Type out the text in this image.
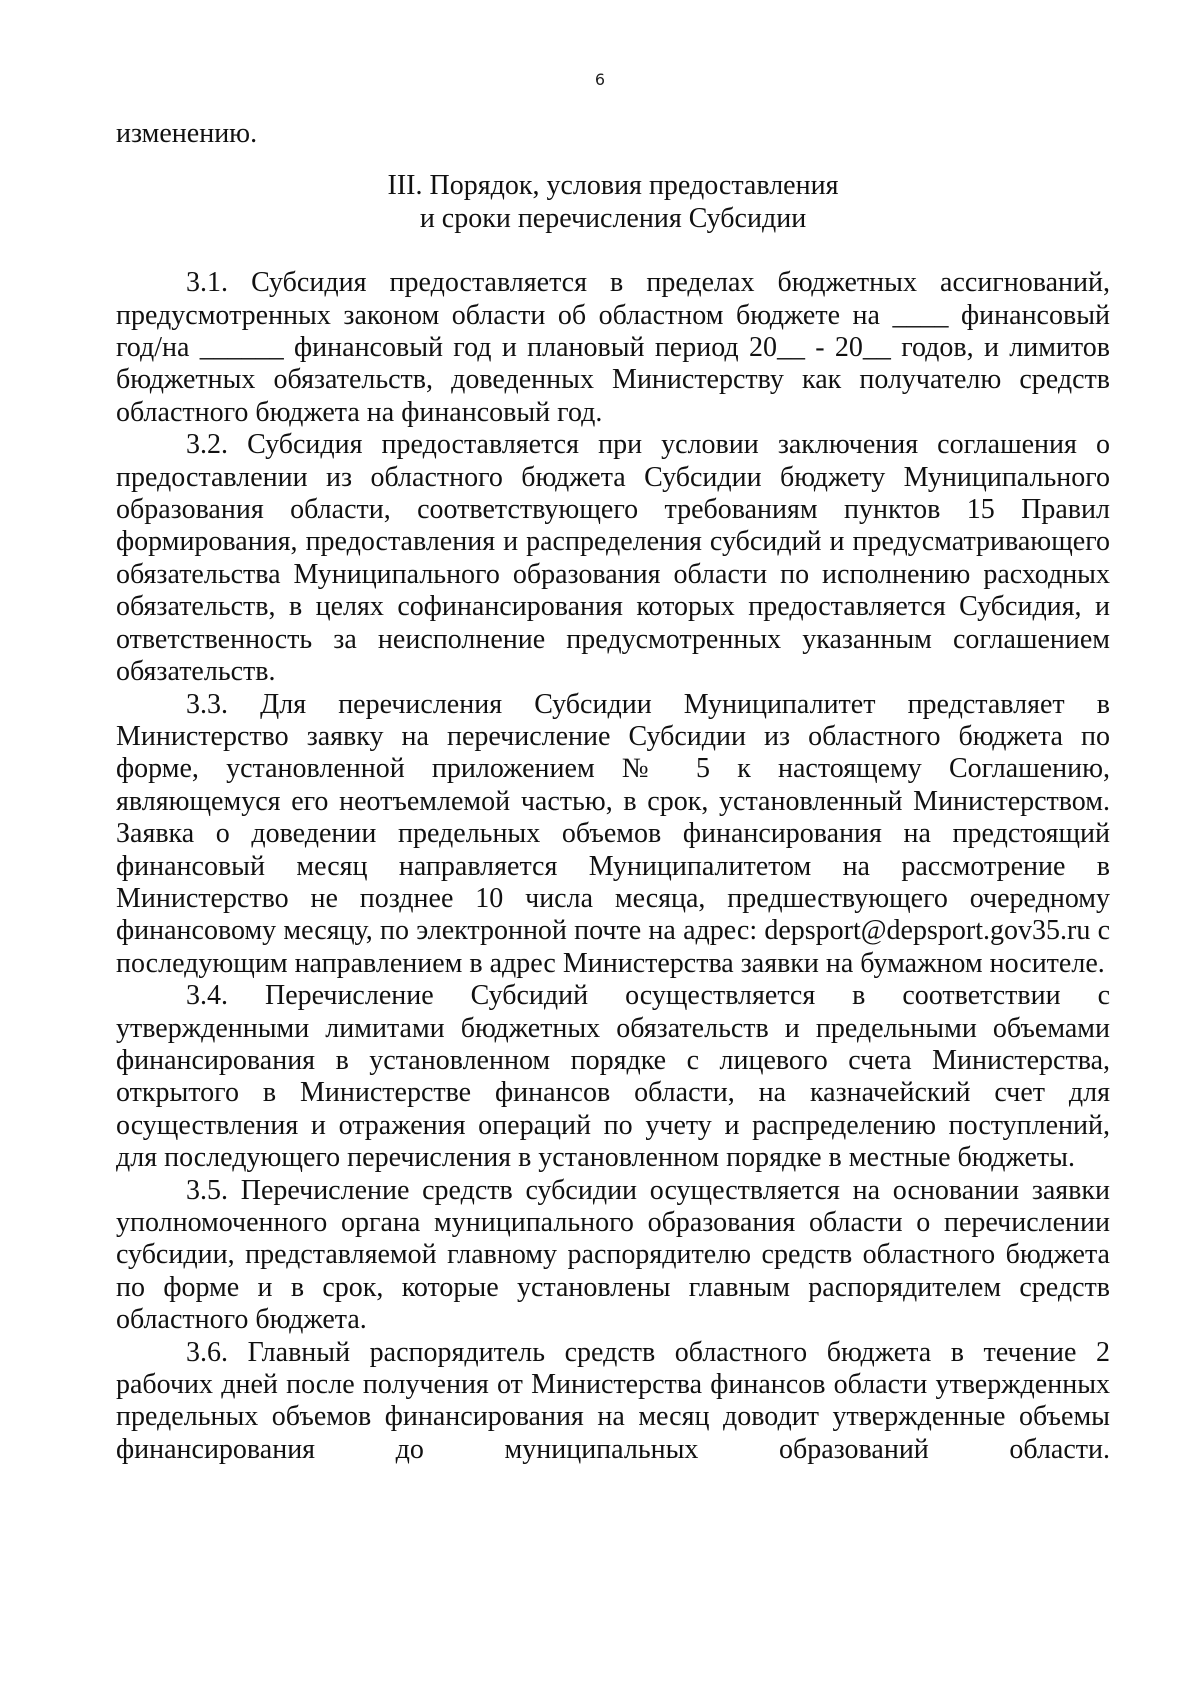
6

изменению.

III. Порядок, условия предоставления
и сроки перечисления Субсидии

3.1. Субсидия предоставляется в пределах бюджетных ассигнований, предусмотренных законом области об областном бюджете на ____ финансовый год/на ______ финансовый год и плановый период 20__ - 20__ годов, и лимитов бюджетных обязательств, доведенных Министерству как получателю средств областного бюджета на финансовый год.

3.2. Субсидия предоставляется при условии заключения соглашения о предоставлении из областного бюджета Субсидии бюджету Муниципального образования области, соответствующего требованиям пунктов 15 Правил формирования, предоставления и распределения субсидий и предусматривающего обязательства Муниципального образования области по исполнению расходных обязательств, в целях софинансирования которых предоставляется Субсидия, и ответственность за неисполнение предусмотренных указанным соглашением обязательств.

3.3. Для перечисления Субсидии Муниципалитет представляет в Министерство заявку на перечисление Субсидии из областного бюджета по форме, установленной приложением № 5 к настоящему Соглашению, являющемуся его неотъемлемой частью, в срок, установленный Министерством. Заявка о доведении предельных объемов финансирования на предстоящий финансовый месяц направляется Муниципалитетом на рассмотрение в Министерство не позднее 10 числа месяца, предшествующего очередному финансовому месяцу, по электронной почте на адрес: depsport@depsport.gov35.ru с последующим направлением в адрес Министерства заявки на бумажном носителе.

3.4. Перечисление Субсидий осуществляется в соответствии с утвержденными лимитами бюджетных обязательств и предельными объемами финансирования в установленном порядке с лицевого счета Министерства, открытого в Министерстве финансов области, на казначейский счет для осуществления и отражения операций по учету и распределению поступлений, для последующего перечисления в установленном порядке в местные бюджеты.

3.5. Перечисление средств субсидии осуществляется на основании заявки уполномоченного органа муниципального образования области о перечислении субсидии, представляемой главному распорядителю средств областного бюджета по форме и в срок, которые установлены главным распорядителем средств областного бюджета.

3.6. Главный распорядитель средств областного бюджета в течение 2 рабочих дней после получения от Министерства финансов области утвержденных предельных объемов финансирования на месяц доводит утвержденные объемы финансирования до муниципальных образований области.
